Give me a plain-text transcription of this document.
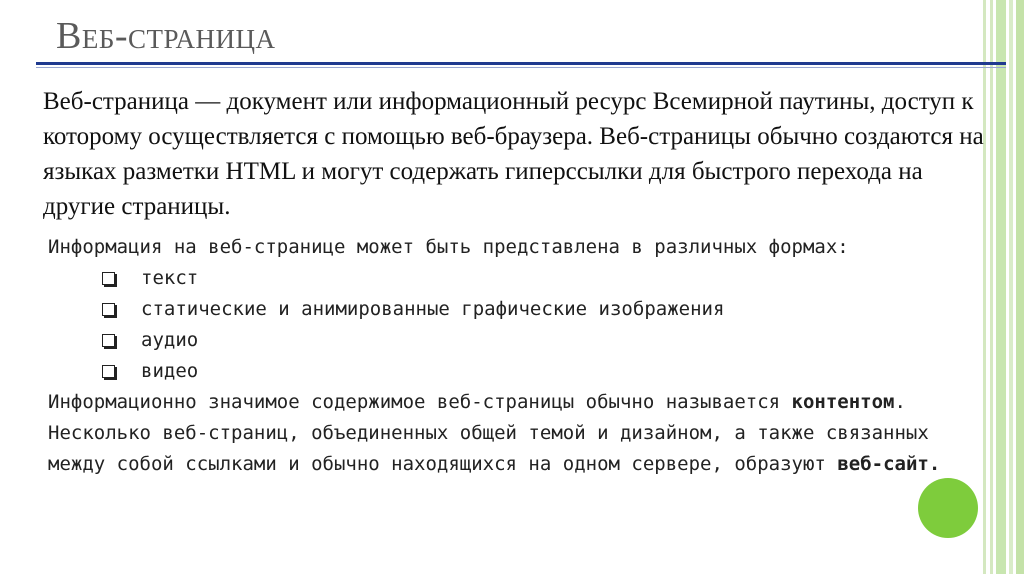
Веб-страница
Веб-страница — документ или информационный ресурс Всемирной паутины, доступ к которому осуществляется с помощью веб-браузера. Веб-страницы обычно создаются на языках разметки HTML и могут содержать гиперссылки для быстрого перехода на другие страницы.

Информация на веб-странице может быть представлена в различных формах:

текст
статические и анимированные графические изображения
аудио
видео

Информационно значимое содержимое веб-страницы обычно называется контентом.

Несколько веб-страниц, объединенных общей темой и дизайном, а также связанных между собой ссылками и обычно находящихся на одном сервере, образуют веб-сайт.
